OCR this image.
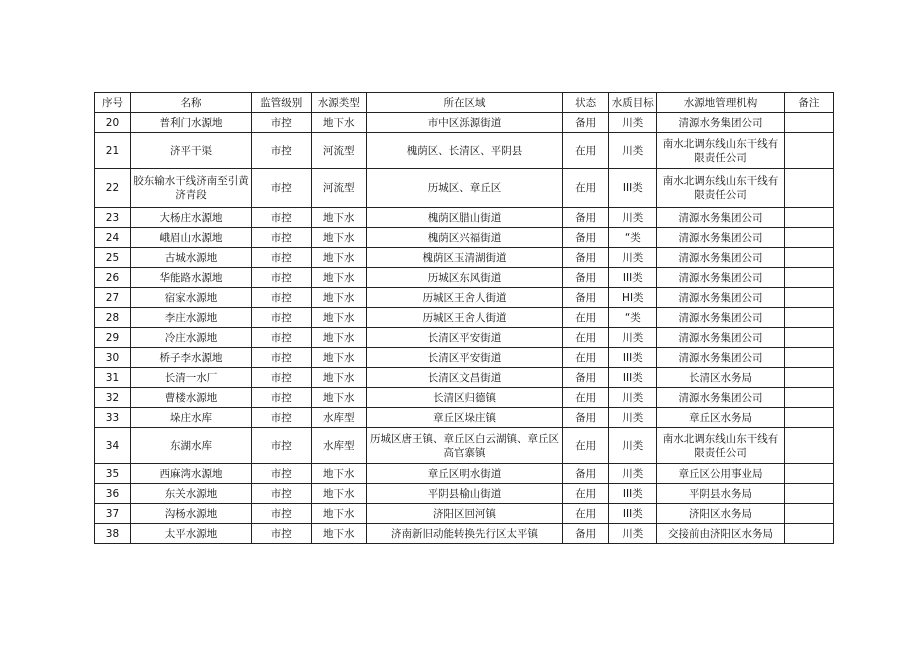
序号	名称	监管级别	水源类型	所在区域	状态	水质目标	水源地管理机构	备注
20	普利门水源地	市控	地下水	市中区泺源街道	备用	川类	清源水务集团公司	
21	济平干渠	市控	河流型	槐荫区、长清区、平阴县	在用	川类	南水北调东线山东干线有限责任公司	
22	胶东输水干线济南至引黄济青段	市控	河流型	历城区、章丘区	在用	III类	南水北调东线山东干线有限责任公司	
23	大杨庄水源地	市控	地下水	槐荫区腊山街道	备用	川类	清源水务集团公司	
24	峨眉山水源地	市控	地下水	槐荫区兴福街道	备用	“类	清源水务集团公司	
25	古城水源地	市控	地下水	槐荫区玉清湖街道	备用	川类	清源水务集团公司	
26	华能路水源地	市控	地下水	历城区东风街道	备用	III类	清源水务集团公司	
27	宿家水源地	市控	地下水	历城区王舍人街道	备用	HI类	清源水务集团公司	
28	李庄水源地	市控	地下水	历城区王舍人街道	在用	“类	清源水务集团公司	
29	冷庄水源地	市控	地下水	长清区平安街道	在用	川类	清源水务集团公司	
30	桥子李水源地	市控	地下水	长清区平安街道	在用	III类	清源水务集团公司	
31	长清一水厂	市控	地下水	长清区文昌街道	备用	III类	长清区水务局	
32	曹楼水源地	市控	地下水	长清区归德镇	在用	川类	清源水务集团公司	
33	垛庄水库	市控	水库型	章丘区垛庄镇	备用	川类	章丘区水务局	
34	东湖水库	市控	水库型	历城区唐王镇、章丘区白云湖镇、章丘区高官寨镇	在用	川类	南水北调东线山东干线有限责任公司	
35	西麻湾水源地	市控	地下水	章丘区明水街道	备用	川类	章丘区公用事业局	
36	东关水源地	市控	地下水	平阴县榆山街道	在用	III类	平阴县水务局	
37	沟杨水源地	市控	地下水	济阳区回河镇	在用	III类	济阳区水务局	
38	太平水源地	市控	地下水	济南新旧动能转换先行区太平镇	备用	川类	交接前由济阳区水务局	
